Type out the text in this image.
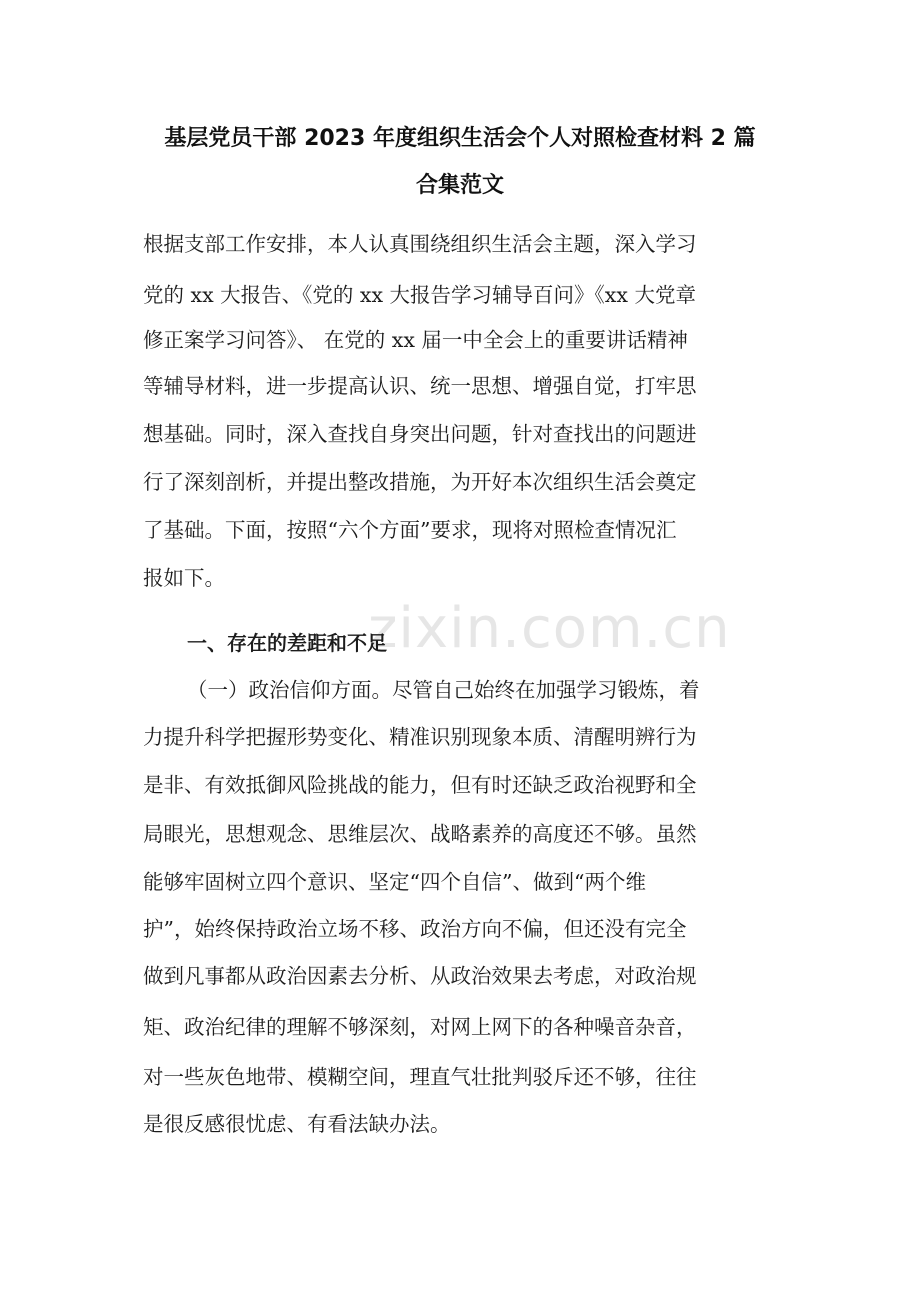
基层党员干部 2023 年度组织生活会个人对照检查材料 2 篇
合集范文
根据支部工作安排，本人认真围绕组织生活会主题，深入学习
党的 xx 大报告、《党的 xx 大报告学习辅导百问》《xx 大党章
修正案学习问答》、 在党的 xx 届一中全会上的重要讲话精神
等辅导材料，进一步提高认识、统一思想、增强自觉，打牢思
想基础。同时，深入查找自身突出问题，针对查找出的问题进
行了深刻剖析，并提出整改措施，为开好本次组织生活会奠定
了基础。下面，按照“六个方面”要求，现将对照检查情况汇
报如下。
zixin.com.cn
一、存在的差距和不足
（一）政治信仰方面。尽管自己始终在加强学习锻炼，着
力提升科学把握形势变化、精准识别现象本质、清醒明辨行为
是非、有效抵御风险挑战的能力，但有时还缺乏政治视野和全
局眼光，思想观念、思维层次、战略素养的高度还不够。虽然
能够牢固树立四个意识、坚定“四个自信”、做到“两个维
护”，始终保持政治立场不移、政治方向不偏，但还没有完全
做到凡事都从政治因素去分析、从政治效果去考虑，对政治规
矩、政治纪律的理解不够深刻，对网上网下的各种噪音杂音，
对一些灰色地带、模糊空间，理直气壮批判驳斥还不够，往往
是很反感很忧虑、有看法缺办法。
